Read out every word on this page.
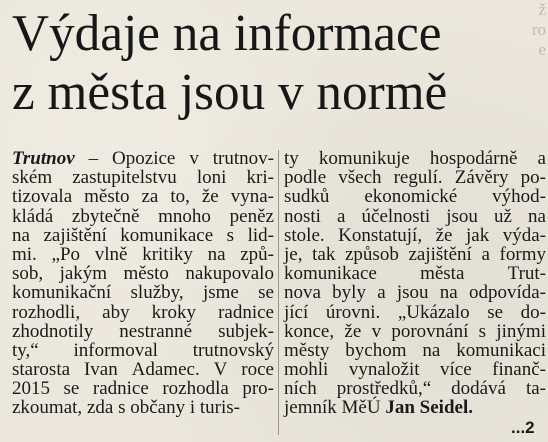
ž
ro
e
Výdaje na informace
z města jsou v normě
Trutnov – Opozice v trutnov-
ském zastupitelstvu loni kri-
tizovala město za to, že vyna-
kládá zbytečně mnoho peněz
na zajištění komunikace s lid-
mi. „Po vlně kritiky na způ-
sob, jakým město nakupovalo
komunikační služby, jsme se
rozhodli, aby kroky radnice
zhodnotily nestranné subjek-
ty,“ informoval trutnovský
starosta Ivan Adamec. V roce
2015 se radnice rozhodla pro-
zkoumat, zda s občany i turis-
ty komunikuje hospodárně a
podle všech regulí. Závěry po-
sudků ekonomické výhod-
nosti a účelnosti jsou už na
stole. Konstatují, že jak výdа-
je, tak způsob zajištění a formy
komunikace města Trut-
nova byly a jsou na odpovída-
jící úrovni. „Ukázalo se do-
konce, že v porovnání s jinými
městy bychom na komunikaci
mohli vynaložit více finanč-
ních prostředků,“ dodává ta-
jemník MěÚ Jan Seidel.
...2
